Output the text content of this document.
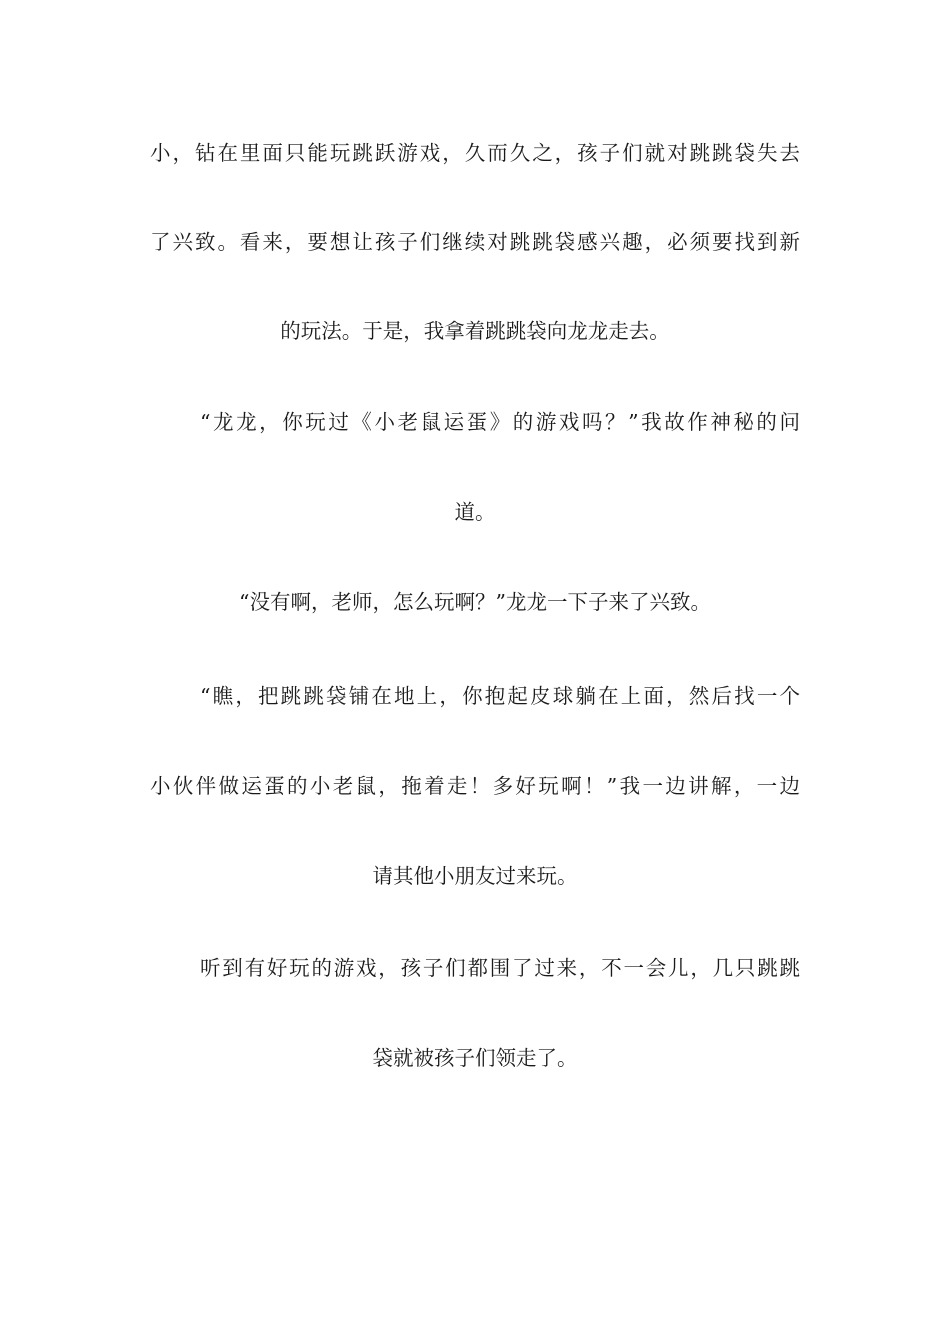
小，钻在里面只能玩跳跃游戏，久而久之，孩子们就对跳跳袋失去
了兴致。看来，要想让孩子们继续对跳跳袋感兴趣，必须要找到新
的玩法。于是，我拿着跳跳袋向龙龙走去。
“龙龙，你玩过《小老鼠运蛋》的游戏吗？”我故作神秘的问
道。
“没有啊，老师，怎么玩啊？”龙龙一下子来了兴致。
“瞧，把跳跳袋铺在地上，你抱起皮球躺在上面，然后找一个
小伙伴做运蛋的小老鼠，拖着走！多好玩啊！”我一边讲解，一边
请其他小朋友过来玩。
听到有好玩的游戏，孩子们都围了过来，不一会儿，几只跳跳
袋就被孩子们领走了。
